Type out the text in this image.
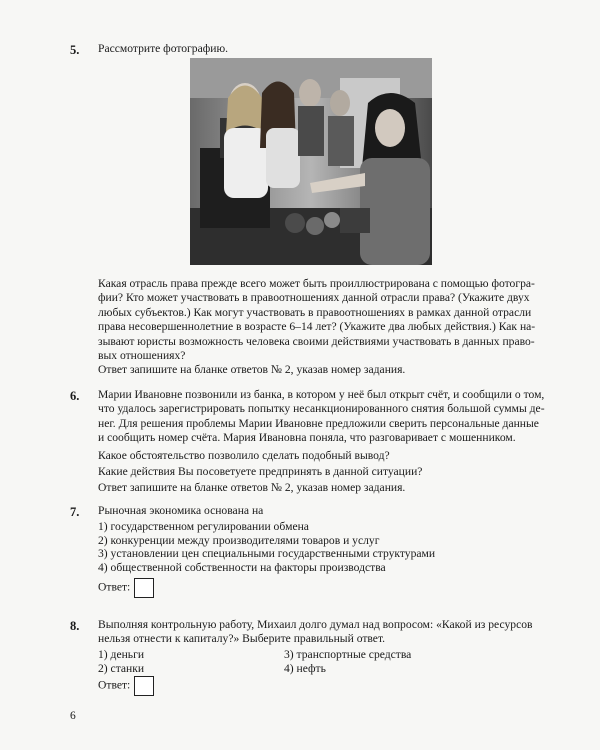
5. Рассмотрите фотографию.
Какая отрасль права прежде всего может быть проиллюстрирована с помощью фотогра-
фии? Кто может участвовать в правоотношениях данной отрасли права? (Укажите двух
любых субъектов.) Как могут участвовать в правоотношениях в рамках данной отрасли
права несовершеннолетние в возрасте 6–14 лет? (Укажите два любых действия.) Как на-
зывают юристы возможность человека своими действиями участвовать в данных право-
вых отношениях?
Ответ запишите на бланке ответов № 2, указав номер задания.
6. Марии Ивановне позвонили из банка, в котором у неё был открыт счёт, и сообщили о том,
что удалось зарегистрировать попытку несанкционированного снятия большой суммы де-
нег. Для решения проблемы Марии Ивановне предложили сверить персональные данные
и сообщить номер счёта. Мария Ивановна поняла, что разговаривает с мошенником.
Какое обстоятельство позволило сделать подобный вывод?
Какие действия Вы посоветуете предпринять в данной ситуации?
Ответ запишите на бланке ответов № 2, указав номер задания.
7. Рыночная экономика основана на
1) государственном регулировании обмена
2) конкуренции между производителями товаров и услуг
3) установлении цен специальными государственными структурами
4) общественной собственности на факторы производства
Ответ:
8. Выполняя контрольную работу, Михаил долго думал над вопросом: «Какой из ресурсов
нельзя отнести к капиталу?» Выберите правильный ответ.
1) деньги
2) станки
3) транспортные средства
4) нефть
Ответ:
6
